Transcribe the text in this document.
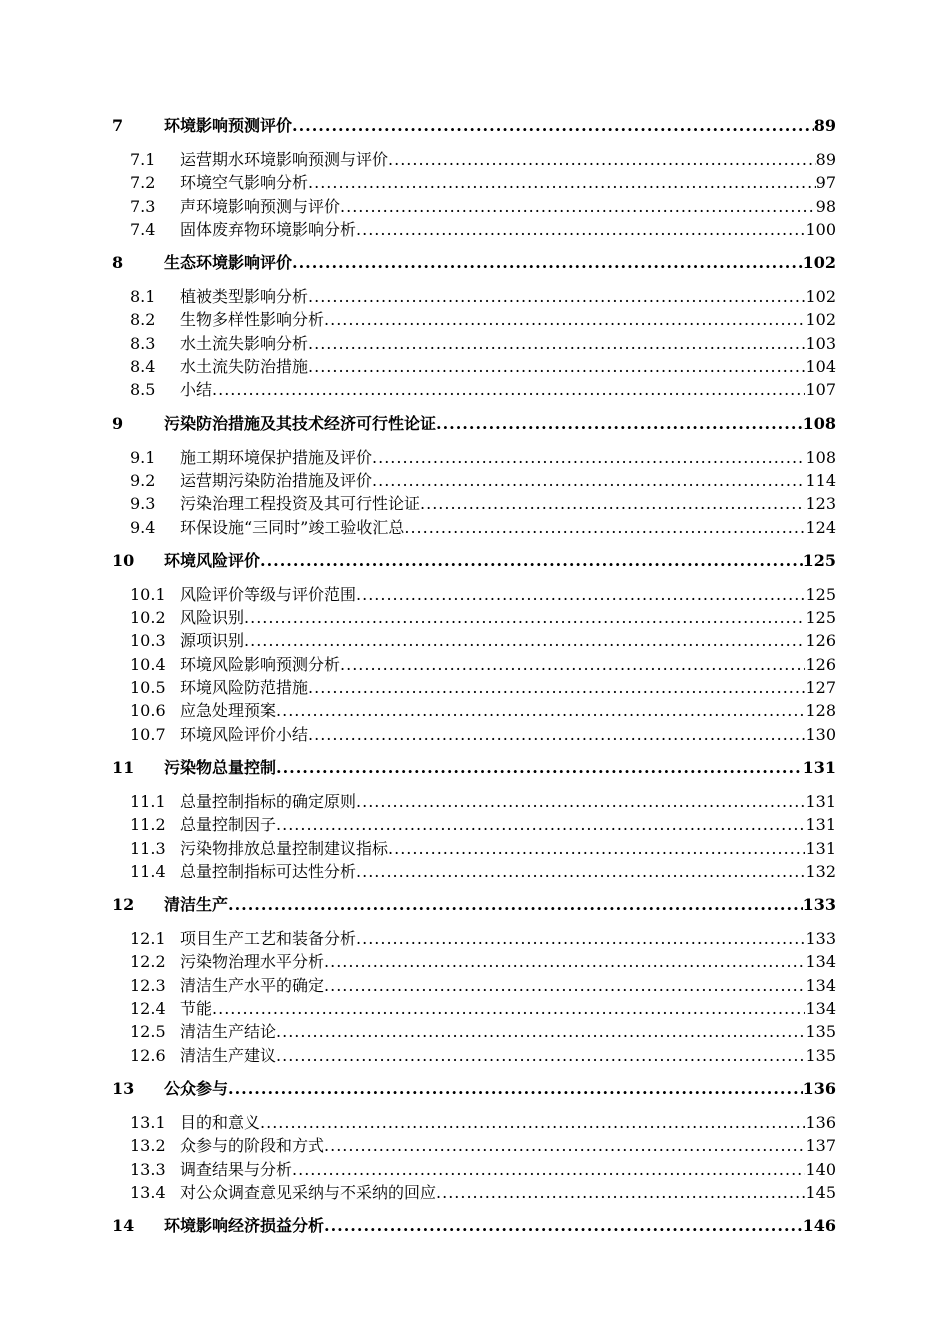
7	环境影响预测评价 .....	89
7.1	运营期水环境影响预测与评价 .....	89
7.2	环境空气影响分析 .....	97
7.3	声环境影响预测与评价 .....	98
7.4	固体废弃物环境影响分析 .....	100
8	生态环境影响评价 .....	102
8.1	植被类型影响分析 .....	102
8.2	生物多样性影响分析 .....	102
8.3	水土流失影响分析 .....	103
8.4	水土流失防治措施 .....	104
8.5	小结 .....	107
9	污染防治措施及其技术经济可行性论证 .....	108
9.1	施工期环境保护措施及评价 .....	108
9.2	运营期污染防治措施及评价 .....	114
9.3	污染治理工程投资及其可行性论证 .....	123
9.4	环保设施“三同时”竣工验收汇总 .....	124
10	环境风险评价 .....	125
10.1 风险评价等级与评价范围 .....	125
10.2 风险识别 .....	125
10.3 源项识别 .....	126
10.4 环境风险影响预测分析 .....	126
10.5 环境风险防范措施 .....	127
10.6 应急处理预案 .....	128
10.7 环境风险评价小结 .....	130
11	污染物总量控制 .....	131
11.1 总量控制指标的确定原则 .....	131
11.2 总量控制因子 .....	131
11.3 污染物排放总量控制建议指标 .....	131
11.4 总量控制指标可达性分析 .....	132
12	清洁生产 .....	133
12.1 项目生产工艺和装备分析 .....	133
12.2 污染物治理水平分析 .....	134
12.3 清洁生产水平的确定 .....	134
12.4 节能 .....	134
12.5 清洁生产结论 .....	135
12.6 清洁生产建议 .....	135
13	公众参与 .....	136
13.1 目的和意义 .....	136
13.2 众参与的阶段和方式 .....	137
13.3 调查结果与分析 .....	140
13.4 对公众调查意见采纳与不采纳的回应 .....	145
14	环境影响经济损益分析 .....	146
